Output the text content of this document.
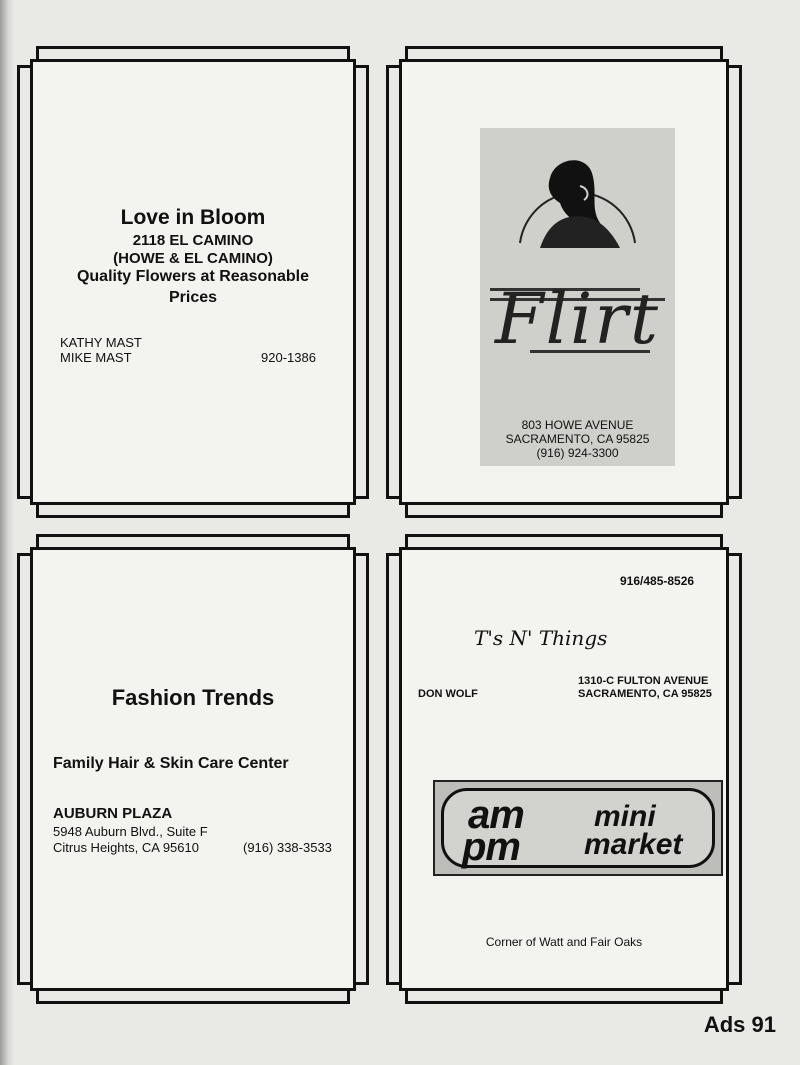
Love in Bloom
2118 EL CAMINO
(HOWE & EL CAMINO)
Quality Flowers at Reasonable
Prices
KATHY MAST
MIKE MAST	920-1386	Flirt
803 HOWE AVENUE
SACRAMENTO, CA 95825
(916) 924-3300
Fashion Trends
Family Hair & Skin Care Center
AUBURN PLAZA
5948 Auburn Blvd., Suite F
Citrus Heights, CA 95610	(916) 338-3533
916/485-8526
T's N' Things
1310-C FULTON AVENUE
SACRAMENTO, CA 95825
DON WOLF
am
pm
mini
market
Corner of Watt and Fair Oaks
Ads 91
